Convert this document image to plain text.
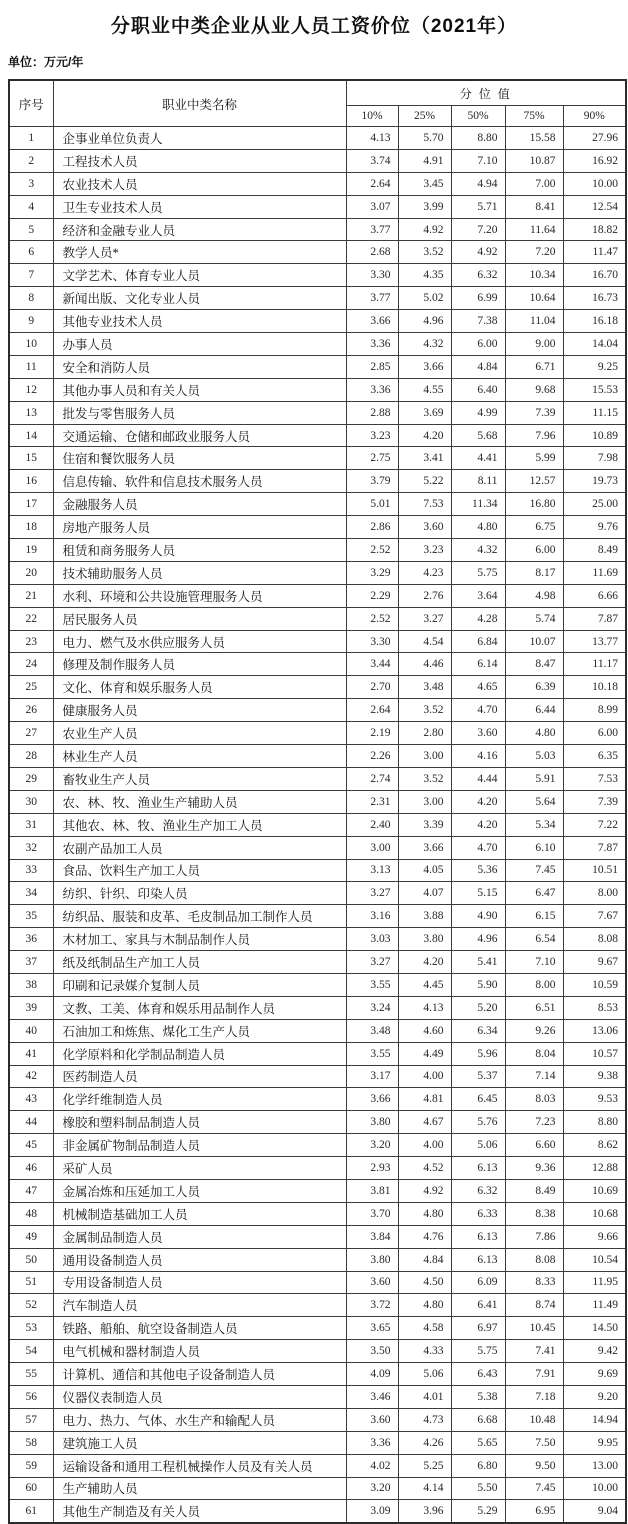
分职业中类企业从业人员工资价位（2021年）
单位：万元/年
序号	职业中类名称	分 位 值				
		10%	25%	50%	75%	90%
1	企事业单位负责人	4.13	5.70	8.80	15.58	27.96
2	工程技术人员	3.74	4.91	7.10	10.87	16.92
3	农业技术人员	2.64	3.45	4.94	7.00	10.00
4	卫生专业技术人员	3.07	3.99	5.71	8.41	12.54
5	经济和金融专业人员	3.77	4.92	7.20	11.64	18.82
6	教学人员*	2.68	3.52	4.92	7.20	11.47
7	文学艺术、体育专业人员	3.30	4.35	6.32	10.34	16.70
8	新闻出版、文化专业人员	3.77	5.02	6.99	10.64	16.73
9	其他专业技术人员	3.66	4.96	7.38	11.04	16.18
10	办事人员	3.36	4.32	6.00	9.00	14.04
11	安全和消防人员	2.85	3.66	4.84	6.71	9.25
12	其他办事人员和有关人员	3.36	4.55	6.40	9.68	15.53
13	批发与零售服务人员	2.88	3.69	4.99	7.39	11.15
14	交通运输、仓储和邮政业服务人员	3.23	4.20	5.68	7.96	10.89
15	住宿和餐饮服务人员	2.75	3.41	4.41	5.99	7.98
16	信息传输、软件和信息技术服务人员	3.79	5.22	8.11	12.57	19.73
17	金融服务人员	5.01	7.53	11.34	16.80	25.00
18	房地产服务人员	2.86	3.60	4.80	6.75	9.76
19	租赁和商务服务人员	2.52	3.23	4.32	6.00	8.49
20	技术辅助服务人员	3.29	4.23	5.75	8.17	11.69
21	水利、环境和公共设施管理服务人员	2.29	2.76	3.64	4.98	6.66
22	居民服务人员	2.52	3.27	4.28	5.74	7.87
23	电力、燃气及水供应服务人员	3.30	4.54	6.84	10.07	13.77
24	修理及制作服务人员	3.44	4.46	6.14	8.47	11.17
25	文化、体育和娱乐服务人员	2.70	3.48	4.65	6.39	10.18
26	健康服务人员	2.64	3.52	4.70	6.44	8.99
27	农业生产人员	2.19	2.80	3.60	4.80	6.00
28	林业生产人员	2.26	3.00	4.16	5.03	6.35
29	畜牧业生产人员	2.74	3.52	4.44	5.91	7.53
30	农、林、牧、渔业生产辅助人员	2.31	3.00	4.20	5.64	7.39
31	其他农、林、牧、渔业生产加工人员	2.40	3.39	4.20	5.34	7.22
32	农副产品加工人员	3.00	3.66	4.70	6.10	7.87
33	食品、饮料生产加工人员	3.13	4.05	5.36	7.45	10.51
34	纺织、针织、印染人员	3.27	4.07	5.15	6.47	8.00
35	纺织品、服装和皮革、毛皮制品加工制作人员	3.16	3.88	4.90	6.15	7.67
36	木材加工、家具与木制品制作人员	3.03	3.80	4.96	6.54	8.08
37	纸及纸制品生产加工人员	3.27	4.20	5.41	7.10	9.67
38	印刷和记录媒介复制人员	3.55	4.45	5.90	8.00	10.59
39	文教、工美、体育和娱乐用品制作人员	3.24	4.13	5.20	6.51	8.53
40	石油加工和炼焦、煤化工生产人员	3.48	4.60	6.34	9.26	13.06
41	化学原料和化学制品制造人员	3.55	4.49	5.96	8.04	10.57
42	医药制造人员	3.17	4.00	5.37	7.14	9.38
43	化学纤维制造人员	3.66	4.81	6.45	8.03	9.53
44	橡胶和塑料制品制造人员	3.80	4.67	5.76	7.23	8.80
45	非金属矿物制品制造人员	3.20	4.00	5.06	6.60	8.62
46	采矿人员	2.93	4.52	6.13	9.36	12.88
47	金属冶炼和压延加工人员	3.81	4.92	6.32	8.49	10.69
48	机械制造基础加工人员	3.70	4.80	6.33	8.38	10.68
49	金属制品制造人员	3.84	4.76	6.13	7.86	9.66
50	通用设备制造人员	3.80	4.84	6.13	8.08	10.54
51	专用设备制造人员	3.60	4.50	6.09	8.33	11.95
52	汽车制造人员	3.72	4.80	6.41	8.74	11.49
53	铁路、船舶、航空设备制造人员	3.65	4.58	6.97	10.45	14.50
54	电气机械和器材制造人员	3.50	4.33	5.75	7.41	9.42
55	计算机、通信和其他电子设备制造人员	4.09	5.06	6.43	7.91	9.69
56	仪器仪表制造人员	3.46	4.01	5.38	7.18	9.20
57	电力、热力、气体、水生产和输配人员	3.60	4.73	6.68	10.48	14.94
58	建筑施工人员	3.36	4.26	5.65	7.50	9.95
59	运输设备和通用工程机械操作人员及有关人员	4.02	5.25	6.80	9.50	13.00
60	生产辅助人员	3.20	4.14	5.50	7.45	10.00
61	其他生产制造及有关人员	3.09	3.96	5.29	6.95	9.04
